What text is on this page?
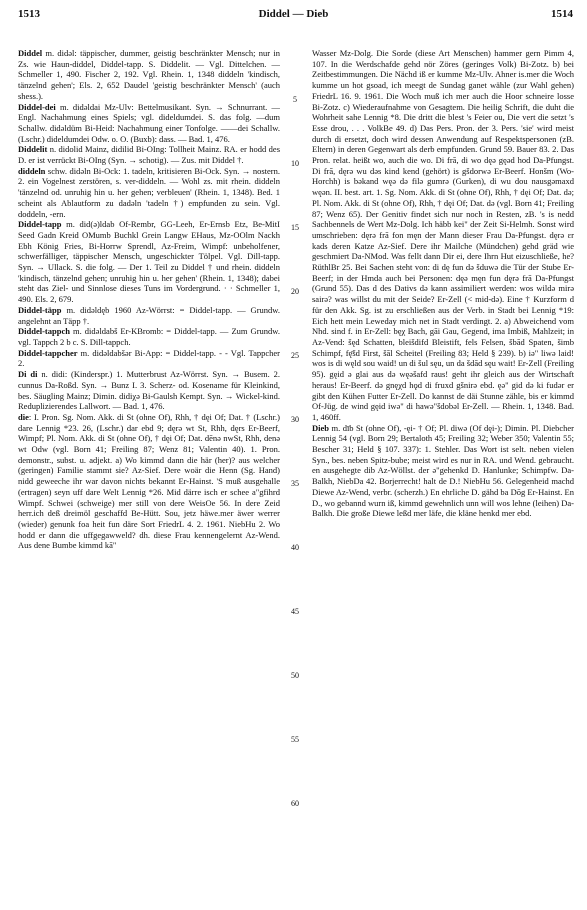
1513	Diddel — Dieb	1514

Diddel m. didəl: täppischer, dummer, geistig beschränkter Mensch; nur in Zs. wie Haun-diddel, Diddel-tapp. S. Diddelit. — Vgl. Dittelchen. — Schmeller 1, 490. Fischer 2, 192. Vgl. Rhein. 1, 1348 diddeln 'kindisch, tänzelnd gehen'; Els. 2, 652 Daudel 'geistig beschränkter Mensch' (auch shess.).

Diddel-dei m. didəldai Mz-Ulv: Bettelmusikant. Syn. → Schnurrant. — Engl. Nachahmung eines Spiels; vgl. dideldumdei. S. das folg. —dum Schallw. didəldüm Bi-Heid: Nachahmung einer Tonfolge. ——dei Schallw. (Lschr.) dideldumdei Odw. o. O. (Buxb): dass. — Bad. 1, 476.

Diddelit n. didolid Mainz, didilid Bi-OIng: Tollheit Mainz. RA. er hodd des D. er ist verrückt Bi-OIng (Syn. → schotig). — Zus. mit Diddel †.

diddeln schw. didəln Bi-Ock: 1. tadeln, kritisieren Bi-Ock. Syn. → nostern. 2. ein Vogelnest zerstören, s. ver-diddeln. — Wohl zs. mit rhein. diddeln 'tänzelnd od. unruhig hin u. her gehen; verbleuen' (Rhein. 1, 1348). Bed. 1 scheint als Ablautform zu dadəln 'tadeln †) empfunden zu sein. Vgl. doddeln, -ern.

Diddel-tapp m. did(ə)ldab Of-Rembr, GG-Leeh, Er-Ernsb Etz, Be-MitI Seed Gadn Kreid OMumb Buchkl Grein Langw EHaus, Mz-OOlm Nackh Ebh König Fries, Bi-Horrw Sprendl, Az-Freim, Wimpf: unbeholfener, schwerfälliger, täppischer Mensch, ungeschickter Tölpel. Vgl. Dill-tapp. Syn. → Ullack. S. die folg. — Der 1. Teil zu Diddel † und rhein. diddeln 'kindisch, tänzelnd gehen; unruhig hin u. her gehen' (Rhein. 1, 1348); dabei steht das Ziel- und Sinnlose dieses Tuns im Vordergrund. · · Schmeller 1, 490. Els. 2, 679.

Diddel-täpp m. didəldęb 1960 Az-Wörrst: = Diddel-tapp. — Grundw. angelehnt an Täpp †.

Diddel-tappch m. didəldabš Er-KBromb: = Diddel-tapp. — Zum Grundw. vgl. Tappch 2 b c. S. Dill-tappch.

Diddel-tappcher m. didəldabšər Bi-App: = Diddel-tapp. - - Vgl. Tappcher 2.

Di di n. didi: (Kinderspr.) 1. Mutterbrust Az-Wörrst. Syn. → Busem. 2. cunnus Da-Roßd. Syn. → Bunz I. 3. Scherz- od. Kosename für Kleinkind, bes. Säugling Mainz; Dimin. didiχə Bi-Gaulsh Kempt. Syn. → Wickel-kind. Reduplizierendes Lallwort. — Bad. 1, 476.

die: I. Pron. Sg. Nom. Akk. di St (ohne Of), Rhh, † dęi Of; Dat. † (Lschr.) dare Lennig *23. 26, (Lschr.) dar ebd 9; dęrə wt St, Rhh, dęrs Er-Beerf, Wimpf; Pl. Nom. Akk. di St (ohne Of), † dęi Of; Dat. dēnə nwSt, Rhh, denə wt Odw (vgl. Born 41; Freiling 87; Wenz 81; Valentin 40). 1. Pron. demonstr., subst. u. adjekt. a) Wo kimmd dann die här (her)? aus welcher (geringen) Familie stammt sie? Az-Sief. Dere woär die Henn (Sg. Hand) nidd geweeche ihr war davon nichts bekannt Er-Hainst. 'S muß ausgehalle (ertragen) seyn uff dare Welt Lennig *26. Mid därre isch er schee a"gfihrd Wimpf. Schwei (schweige) mer still von dere WeisOe 56. In dere Zeid herr.ich deß dreimöl geschaffd Be-Hütt. Sou, jetz häwe.mer äwer werrer (wieder) genunk foa heit fun däre Sort FriedrL 4. 2. 1961. NiebHu 2. Wo hodd er dann die uffgegawweld? dh. diese Frau kennengelernt Az-Wend. Aus dene Bumbe kimmd kā"

Wasser Mz-Dolg. Die Sorde (diese Art Menschen) hammer gern Pimm 4, 107. In die Werdschafde gehd nör Zöres (geringes Volk) Bi-Zotz. b) bei Zeitbestimmungen. Die Nächd iß er kumme Mz-Ulv. Ahner is.mer die Woch kumme un hot gsoad, ich meegt de Sundag ganet wähle (zur Wahl gehen) FriedrL 16. 9. 1961. Die Woch muß ich mer auch die Hoor schneire losse Bi-Zotz. c) Wiederaufnahme von Gesagtem. Die heilig Schrift, die duht die Wohrheit sahe Lennig *8. Die dritt die blest 's Feier ou, Die vert die setzt 's Esse drou, . . . VolkBe 49. d) Das Pers. Pron. der 3. Pers. 'sie' wird meist durch di ersetzt, doch wird dessen Anwendung auf Respektspersonen (zB. Eltern) in deren Gegenwart als derb empfunden. Grund 59. Bauer 83. 2. Das Pron. relat. heißt wo, auch die wo. Di frā, di wo dęə gęəd hod Da-Pfungst. Di frā, dęrə wu dəs kind kend (gehört) is gšdorwə Er-Beerf. Honšm (Wo-Horchh) is bəkand węǝ də filə gumrə (Gurken), di wu dou nausgəmaxd węǝn. II. best. art. 1. Sg. Nom. Akk. di St (ohne Of), Rhh, † dęi Of; Dat. də; Pl. Nom. Akk. di St (ohne Of), Rhh, † dęi Of; Dat. də (vgl. Born 41; Freiling 87; Wenz 65). Der Genitiv findet sich nur noch in Resten, zB. 's is nedd Sachbennels de Wert Mz-Dolg. Ich häbb kei" der Zeit Si-Helmh. Sonst wird umschrieben: dęrə frā fon męn der Mann dieser Frau Da-Pfungst. dęrə ɛr kads deren Katze Az-Sief. Dere ihr Mailche (Mündchen) gehd gräd wie geschmiert Da-NMod. Was fellt dann Dir ei, dere Ihrn Hut eizuschließe, he? RüthlBr 25. Bei Sachen steht von: di dę fun də šduwə die Tür der Stube Er-Beerf; in der Hmda auch bei Personen: dęə męn fun dęrə frā Da-Pfungst (Grund 55). Das d des Dativs də kann assimiliert werden: wos wildə mirə sairə? was willst du mit der Seide? Er-Zell (< mid-də). Eine † Kurzform d für den Akk. Sg. ist zu erschließen aus der Verb. in Stadt bei Lennig *19: Eich hett mein Leweday mich net in Stadt verdingt. 2. a) Abweichend vom Nhd. sind f. in Er-Zell: bęχ Bach, gāi Gau, Gegend, ima Imbiß, Mahlzeit; in Az-Vend: šęd Schatten, bleišdifd Bleistift, fels Felsen, šbād Spaten, šimb Schimpf, fę̄šd First, šāl Scheitel (Freiling 83; Held § 239). b) iə" liwə laid! wos is di węld sou waid! un di šul sęu, un da šdād sęu wait! Er-Zell (Freiling 95). gęid ə glai aus də węǝšafd raus! geht ihr gleich aus der Wirtschaft heraus! Er-Beerf. də gnęχd hǫd di fruxd gšnirə ebd. ęə" gid də ki fudər er gibt den Kühen Futter Er-Zell. Do kannst de däi Stunne zähle, bis er kimmd Of-Jüg. de wind gęid iwə" di hawə"šdobəl Er-Zell. — Rhein. 1, 1348. Bad. 1, 460ff.

Dieb m. dīb St (ohne Of), -ęi- † Of; Pl. diwə (Of dęi-); Dimin. Pl. Diebcher Lennig 54 (vgl. Born 29; Bertaloth 45; Freiling 32; Weber 350; Valentin 55; Bescher 31; Held § 107. 337): 1. Stehler. Das Wort ist selt. neben vielen Syn., bes. neben Spitz-bube; meist wird es nur in RA. und Wend. gebraucht. en ausgehegte dib Az-Wöllst. der ə"gehenkd D. Hanlunke; Schimpfw. Da-Balkh, NiebDa 42. Borjerrecht! halt de D.! NiebHu 56. Gelegenheid machd Diewe Az-Wend, verbr. (scherzh.) En ehrliche D. gähd ba Dōg Er-Hainst. En D., wo gebannd wurn iß, kimmd gewehnlich unn will wos lehne (leihen) Da-Balkh. Die große Diewe leßd mer läfe, die kläne henkd mer ebd.

5
10
15
20
25
30
35
40
45
50
55
60
